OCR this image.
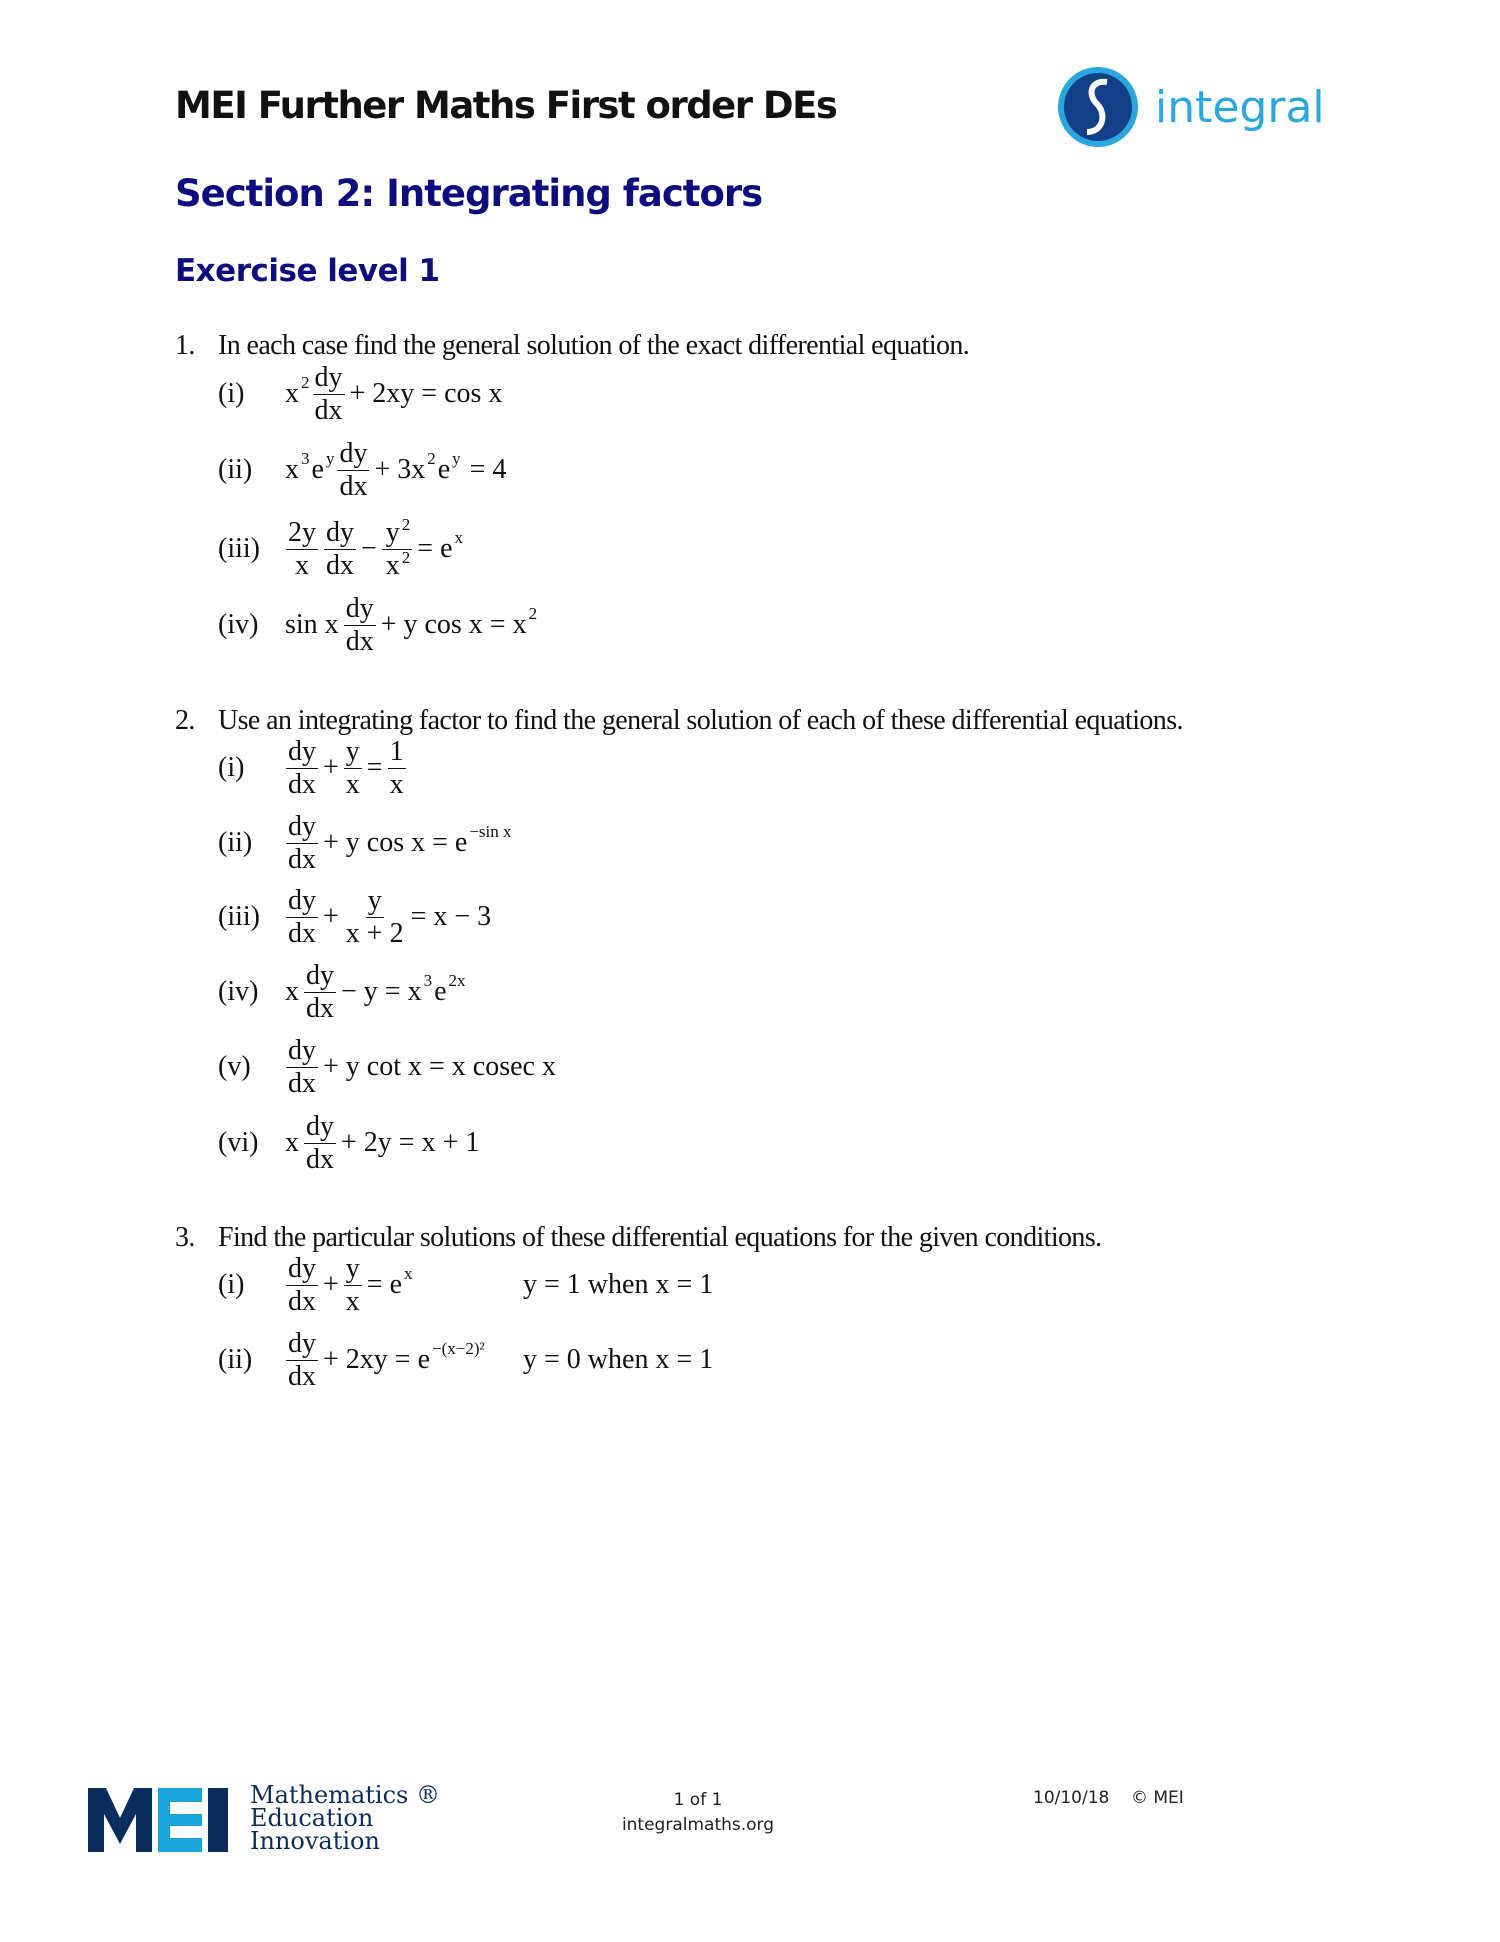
MEI Further Maths First order DEs	integral
Section 2: Integrating factors
Exercise level 1
1. In each case find the general solution of the exact differential equation.
(i)	x $2 \frac{dy}{dx} + 2xy = \cos x$
(ii)	x 3 e y $\frac{dy}{dx} + 3x$ 2 e y = 4
$(iii) \frac{2y}{x} \frac{dy}{dx} - \frac{y ^2}{x ^2} = e$ x
(iv) sin x $\frac{dy}{dx} + y$ cos x = x 2
2. Use an integrating factor to find the general solution of each of these differential equations.
(i)	$\frac{dy}{dx} + \frac{y}{x} = \frac{1}{x}$
(ii)	$\frac{dy}{dx} + y$ cos x = e −sin x
$(iii) \frac{dy}{dx} + \frac{y}{x + 2} = x - 3$
(iv) x $\frac{dy}{dx} - y = x$ 3 e 2x
(v)	$\frac{dy}{dx} + y$ cot x = x cosec x
(vi) x $\frac{dy}{dx} + 2y = x + 1$
3. Find the particular solutions of these differential equations for the given conditions.
(i)	$\frac{dy}{dx} + \frac{y}{x} = e$ x	y = 1 when x = 1
(ii)	$\frac{dy}{dx} + 2xy = e -(x-2)^2$ y = 0 when x = 1
Mathematics ®
Education
Innovation
1 of 1
integralmaths.org
10/10/18 © MEI
